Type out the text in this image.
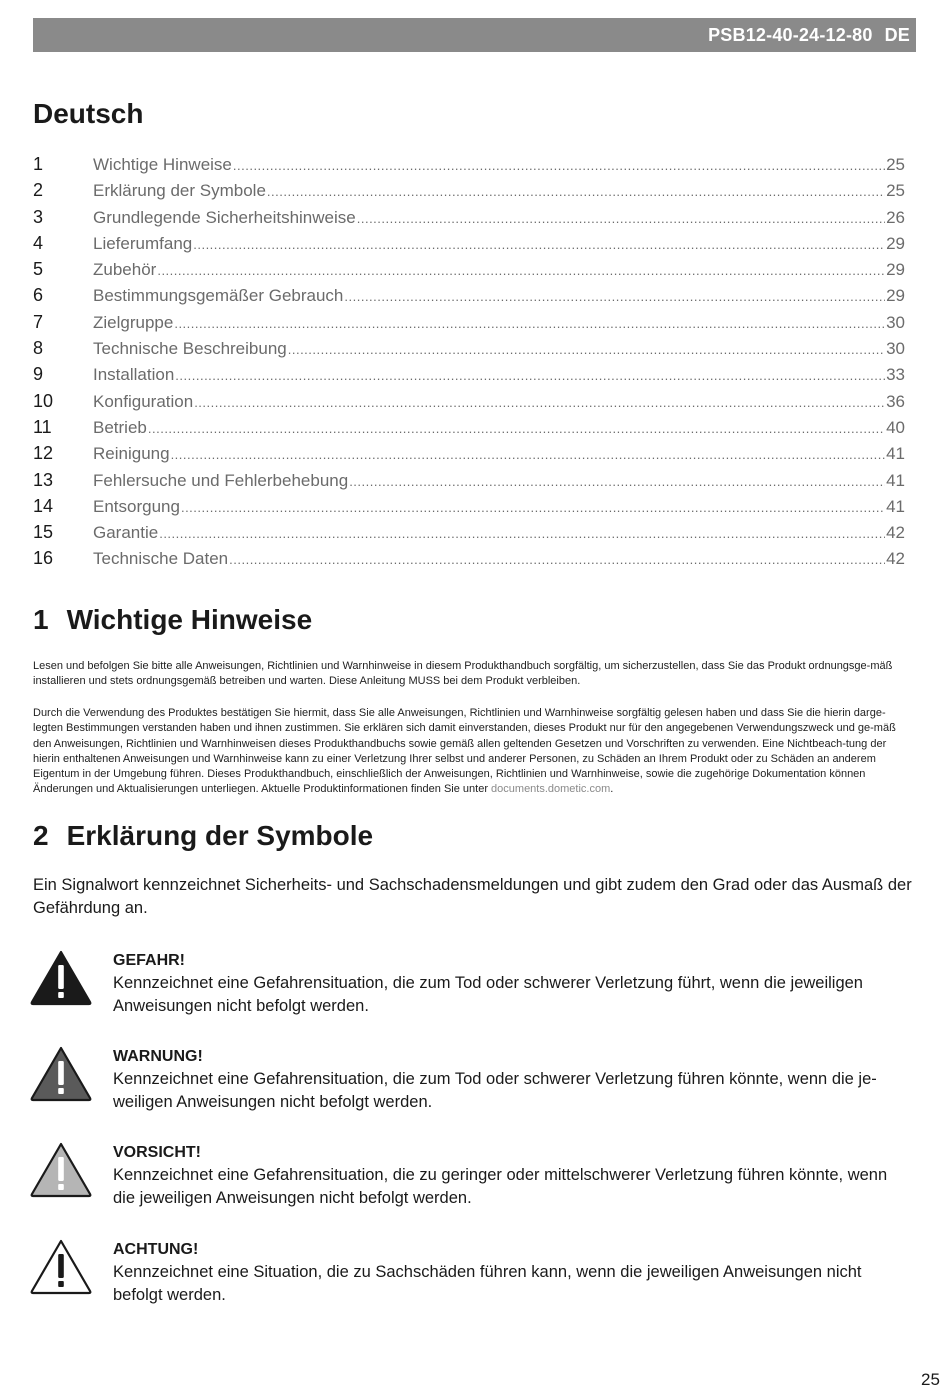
PSB12-40-24-12-80 DE
Deutsch
1	Wichtige Hinweise .....	25
2	Erklärung der Symbole .....	25
3	Grundlegende Sicherheitshinweise .....	26
4	Lieferumfang .....	29
5	Zubehör .....	29
6	Bestimmungsgemäßer Gebrauch .....	29
7	Zielgruppe .....	30
8	Technische Beschreibung .....	30
9	Installation .....	33
10	Konfiguration .....	36
11	Betrieb .....	40
12	Reinigung .....	41
13	Fehlersuche und Fehlerbehebung .....	41
14	Entsorgung .....	41
15	Garantie .....	42
16	Technische Daten .....	42
1 Wichtige Hinweise

Lesen und befolgen Sie bitte alle Anweisungen, Richtlinien und Warnhinweise in diesem Produkthandbuch sorgfältig, um sicherzustellen, dass Sie das Produkt ordnungsge-mäß installieren und stets ordnungsgemäß betreiben und warten. Diese Anleitung MUSS bei dem Produkt verbleiben.

Durch die Verwendung des Produktes bestätigen Sie hiermit, dass Sie alle Anweisungen, Richtlinien und Warnhinweise sorgfältig gelesen haben und dass Sie die hierin darge-legten Bestimmungen verstanden haben und ihnen zustimmen. Sie erklären sich damit einverstanden, dieses Produkt nur für den angegebenen Verwendungszweck und ge-mäß den Anweisungen, Richtlinien und Warnhinweisen dieses Produkthandbuchs sowie gemäß allen geltenden Gesetzen und Vorschriften zu verwenden. Eine Nichtbeach-tung der hierin enthaltenen Anweisungen und Warnhinweise kann zu einer Verletzung Ihrer selbst und anderer Personen, zu Schäden an Ihrem Produkt oder zu Schäden an anderem Eigentum in der Umgebung führen. Dieses Produkthandbuch, einschließlich der Anweisungen, Richtlinien und Warnhinweise, sowie die zugehörige Dokumentation können Änderungen und Aktualisierungen unterliegen. Aktuelle Produktinformationen finden Sie unter documents.dometic.com.

2 Erklärung der Symbole

Ein Signalwort kennzeichnet Sicherheits- und Sachschadensmeldungen und gibt zudem den Grad oder das Ausmaß der Gefährdung an.

GEFAHR!

Kennzeichnet eine Gefahrensituation, die zum Tod oder schwerer Verletzung führt, wenn die jeweiligen Anweisungen nicht befolgt werden.

WARNUNG!

Kennzeichnet eine Gefahrensituation, die zum Tod oder schwerer Verletzung führen könnte, wenn die je-weiligen Anweisungen nicht befolgt werden.

VORSICHT!

Kennzeichnet eine Gefahrensituation, die zu geringer oder mittelschwerer Verletzung führen könnte, wenn die jeweiligen Anweisungen nicht befolgt werden.

ACHTUNG!

Kennzeichnet eine Situation, die zu Sachschäden führen kann, wenn die jeweiligen Anweisungen nicht befolgt werden.

25
